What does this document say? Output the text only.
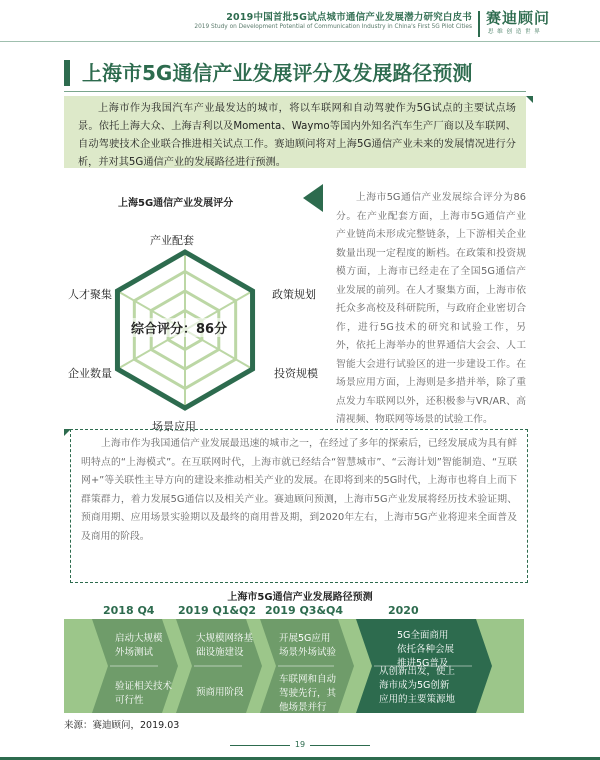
2019中国首批5G试点城市通信产业发展潜力研究白皮书
2019 Study on Development Potential of Communication Industry in China's First 5G Pilot Cities 赛迪顾问
思 维 创 造 世 界
上海市5G通信产业发展评分及发展路径预测
上海市作为我国汽车产业最发达的城市，将以车联网和自动驾驶作为5G试点的主要试点场景。依托上海大众、上海吉利以及Momenta、Waymo等国内外知名汽车生产厂商以及车联网、自动驾驶技术企业联合推进相关试点工作。赛迪顾问将对上海5G通信产业未来的发展情况进行分析，并对其5G通信产业的发展路径进行预测。
上海5G通信产业发展评分
产业配套
政策规划
投资规模
场景应用
企业数量
人才聚集
综合评分：86分
上海市5G通信产业发展综合评分为86分。在产业配套方面，上海市5G通信产业产业链尚未形成完整链条，上下游相关企业数量出现一定程度的断档。在政策和投资规模方面，上海市已经走在了全国5G通信产业发展的前列。在人才聚集方面，上海市依托众多高校及科研院所，与政府企业密切合作，进行5G技术的研究和试验工作，另外，依托上海举办的世界通信大会会、人工智能大会进行试验区的进一步建设工作。在场景应用方面，上海则是多措并举，除了重点发力车联网以外，还积极参与VR/AR、高清视频、物联网等场景的试验工作。
上海市作为我国通信产业发展最迅速的城市之一，在经过了多年的探索后，已经发展成为具有鲜明特点的“上海模式”。在互联网时代，上海市就已经结合“智慧城市”、“云海计划”智能制造、“互联网+”等关联性主导方向的建设来推动相关产业的发展。在即将到来的5G时代，上海市也将自上而下群策群力，着力发展5G通信以及相关产业。赛迪顾问预测，上海市5G产业发展将经历技术验证期、预商用期、应用场景实验期以及最终的商用普及期，到2020年左右，上海市5G产业将迎来全面普及及商用的阶段。
上海市5G通信产业发展路径预测
2018 Q4 2019 Q1&Q2 2019 Q3&Q4	2020
启动大规模
外场测试
验证相关技术
可行性
大规模网络基
础设施建设
预商用阶段
开展5G应用
场景外场试验
车联网和自动
驾驶先行，其
他场景并行
5G全面商用
依托各种会展
推进5G普及
从创新出发，使上
海市成为5G创新
应用的主要策源地
来源：赛迪顾问，2019.03
19
